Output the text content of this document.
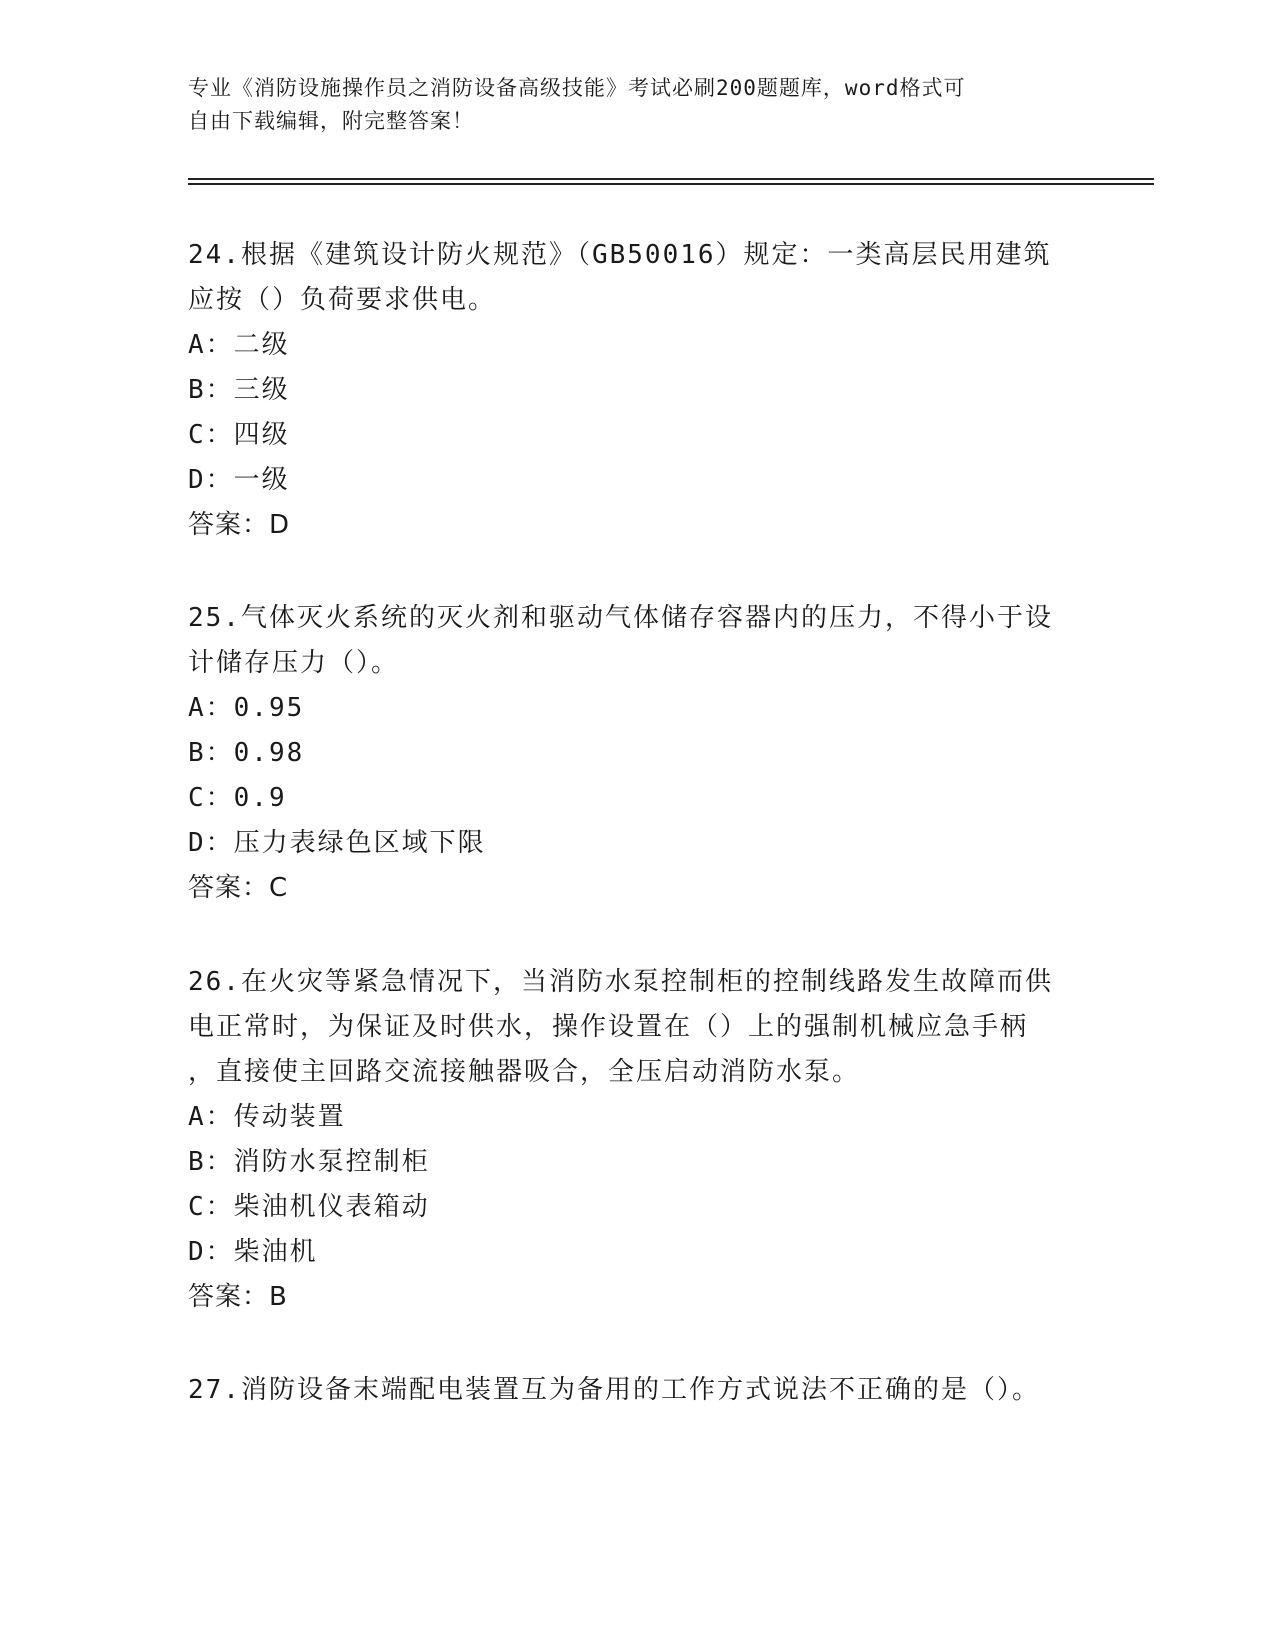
专业《消防设施操作员之消防设备高级技能》考试必刷200题题库，word格式可
自由下载编辑，附完整答案！

24.根据《建筑设计防火规范》（GB50016）规定：一类高层民用建筑

应按（）负荷要求供电。

A：二级

B：三级

C：四级

D：一级

答案：D

25.气体灭火系统的灭火剂和驱动气体储存容器内的压力，不得小于设

计储存压力（）。

A：0.95

B：0.98

C：0.9

D：压力表绿色区域下限

答案：C

26.在火灾等紧急情况下，当消防水泵控制柜的控制线路发生故障而供

电正常时，为保证及时供水，操作设置在（）上的强制机械应急手柄

，直接使主回路交流接触器吸合，全压启动消防水泵。

A：传动装置

B：消防水泵控制柜

C：柴油机仪表箱动

D：柴油机

答案：B

27.消防设备末端配电装置互为备用的工作方式说法不正确的是（）。
